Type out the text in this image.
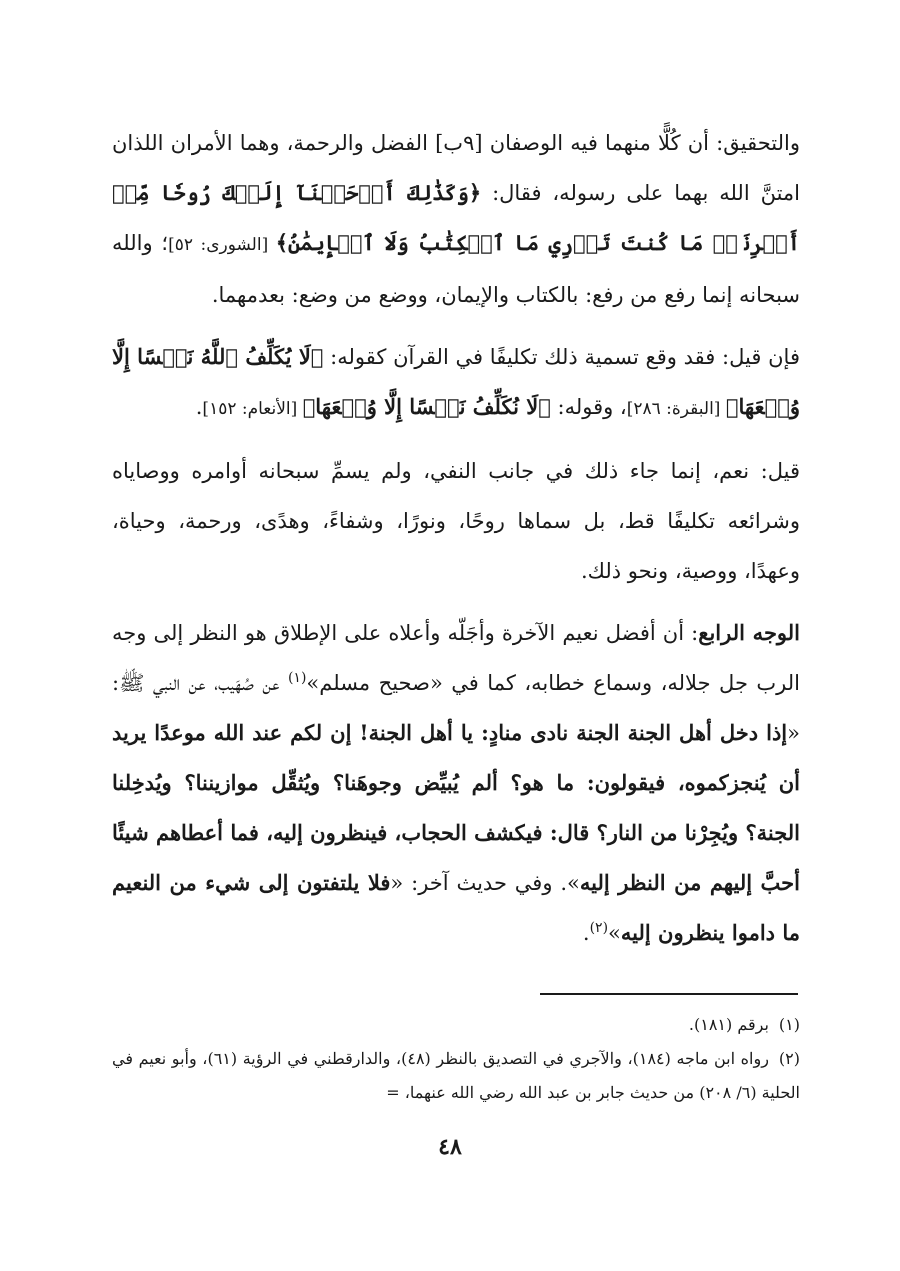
والتحقيق: أن كُلًّا منهما فيه الوصفان [٩ب] الفضل والرحمة، وهما الأمران اللذان امتنَّ الله بهما على رسوله، فقال: ﴿وَكَذَٰلِكَ أَوۡحَيۡنَآ إِلَيۡكَ رُوحٗا مِّنۡ أَمۡرِنَاۚ مَا كُنتَ تَدۡرِي مَا ٱلۡكِتَٰبُ وَلَا ٱلۡإِيمَٰنُ﴾ [الشورى: ٥٢]؛ والله سبحانه إنما رفع من رفع: بالكتاب والإيمان، ووضع من وضع: بعدمهما.

فإن قيل: فقد وقع تسمية ذلك تكليفًا في القرآن كقوله: ﴿لَا يُكَلِّفُ ٱللَّهُ نَفۡسًا إِلَّا وُسۡعَهَا﴾ [البقرة: ٢٨٦]، وقوله: ﴿لَا نُكَلِّفُ نَفۡسًا إِلَّا وُسۡعَهَا﴾ [الأنعام: ١٥٢].

قيل: نعم، إنما جاء ذلك في جانب النفي، ولم يسمِّ سبحانه أوامره ووصاياه وشرائعه تكليفًا قط، بل سماها روحًا، ونورًا، وشفاءً، وهدًى، ورحمة، وحياة، وعهدًا، ووصية، ونحو ذلك.

الوجه الرابع: أن أفضل نعيم الآخرة وأجَلّه وأعلاه على الإطلاق هو النظر إلى وجه الرب جل جلاله، وسماع خطابه، كما في «صحيح مسلم»$^{(١)}$ عن صُهَيب، عن النبي ﷺ: «إذا دخل أهل الجنة الجنة نادى منادٍ: يا أهل الجنة! إن لكم عند الله موعدًا يريد أن يُنجزكموه، فيقولون: ما هو؟ ألم يُبيِّض وجوهَنا؟ ويُثقِّل موازيننا؟ ويُدخِلنا الجنة؟ ويُجِرْنا من النار؟ قال: فيكشف الحجاب، فينظرون إليه، فما أعطاهم شيئًا أحبَّ إليهم من النظر إليه». وفي حديث آخر: «فلا يلتفتون إلى شيء من النعيم ما داموا ينظرون إليه»$^{(٢)}$.

(١)برقم (١٨١).

(٢)رواه ابن ماجه (١٨٤)، والآجري في التصديق بالنظر (٤٨)، والدارقطني في الرؤية (٦١)، وأبو نعيم في الحلية (٦/ ٢٠٨) من حديث جابر بن عبد الله رضي الله عنهما، =

٤٨
